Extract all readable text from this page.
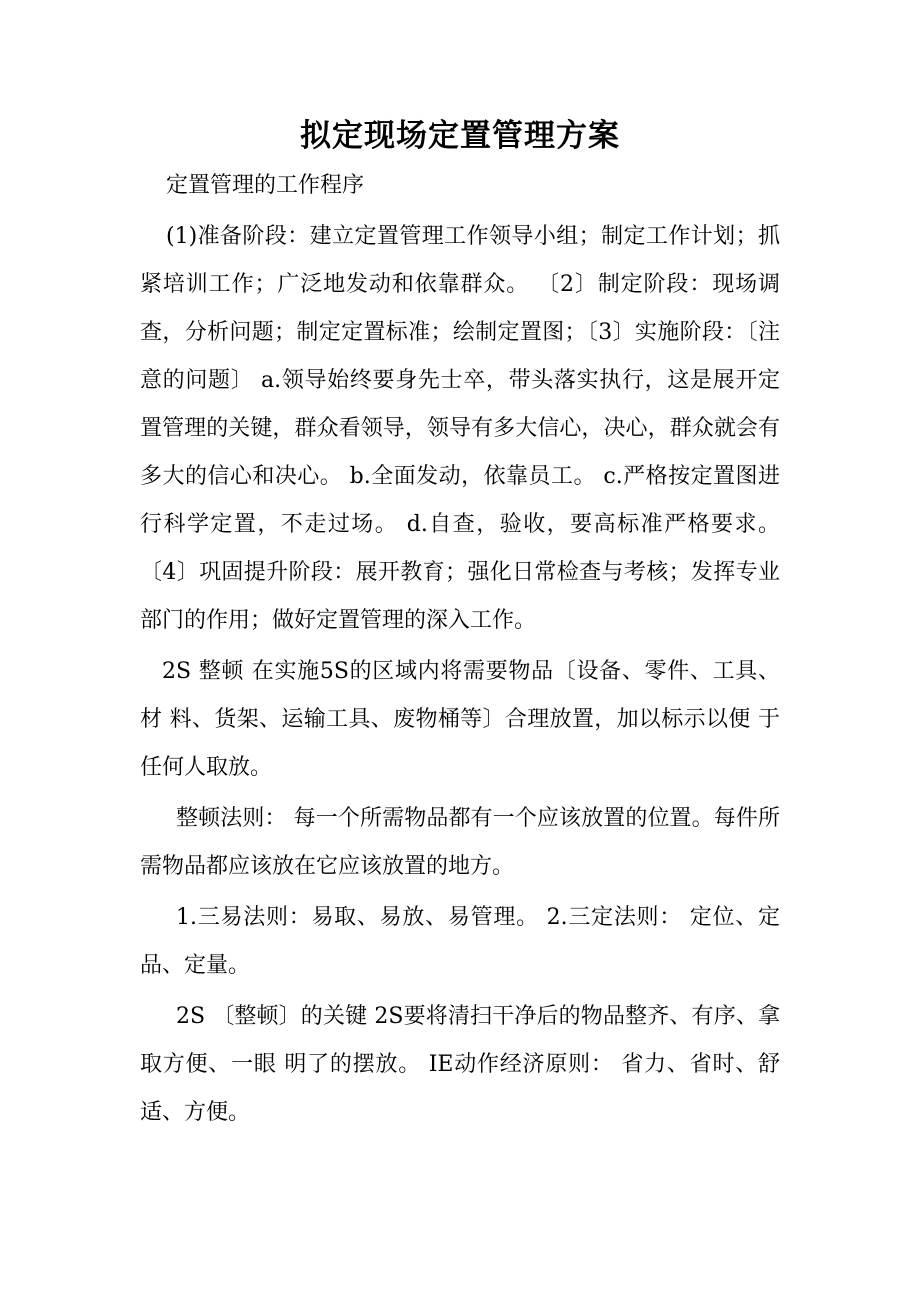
拟定现场定置管理方案

定置管理的工作程序

(1)准备阶段：建立定置管理工作领导小组；制定工作计划；抓紧培训工作；广泛地发动和依靠群众。 〔2〕制定阶段：现场调查，分析问题；制定定置标准；绘制定置图；〔3〕实施阶段：〔注意的问题〕 a.领导始终要身先士卒，带头落实执行，这是展开定置管理的关键，群众看领导，领导有多大信心，决心，群众就会有多大的信心和决心。 b.全面发动，依靠员工。 c.严格按定置图进行科学定置，不走过场。 d.自查，验收，要高标准严格要求。 〔4〕巩固提升阶段：展开教育；强化日常检查与考核；发挥专业部门的作用；做好定置管理的深入工作。

2S 整顿 在实施5S的区域内将需要物品〔设备、零件、工具、材 料、货架、运输工具、废物桶等〕合理放置，加以标示以便 于任何人取放。

整顿法则： 每一个所需物品都有一个应该放置的位置。每件所需物品都应该放在它应该放置的地方。

1.三易法则：易取、易放、易管理。 2.三定法则： 定位、定品、定量。

2S 〔整顿〕的关键 2S要将清扫干净后的物品整齐、有序、拿取方便、一眼 明了的摆放。 IE动作经济原则： 省力、省时、舒适、方便。
